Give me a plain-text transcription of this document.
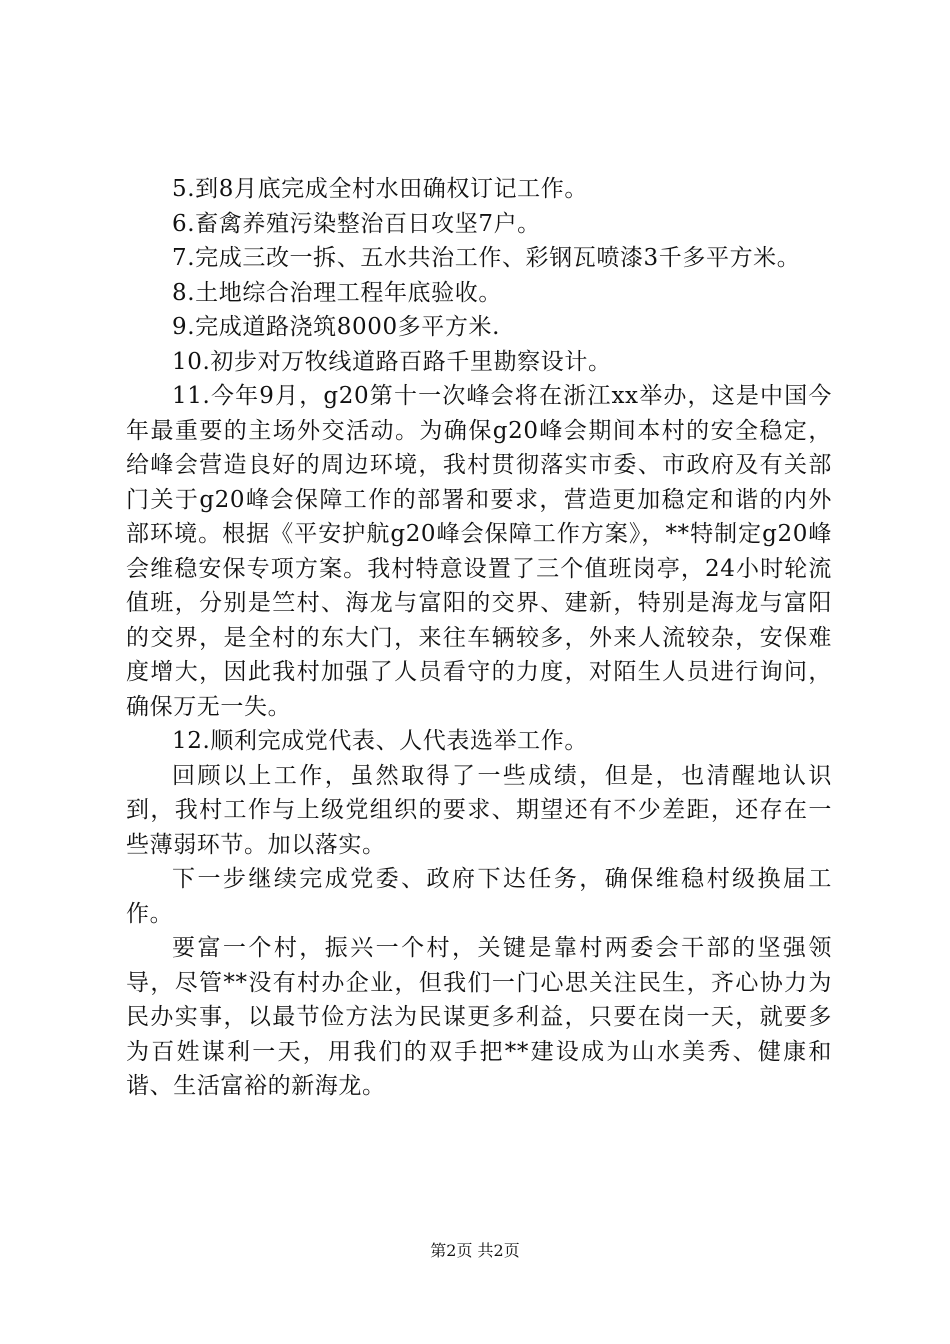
5.到8月底完成全村水田确权订记工作。

6.畜禽养殖污染整治百日攻坚7户。

7.完成三改一拆、五水共治工作、彩钢瓦喷漆3千多平方米。

8.土地综合治理工程年底验收。

9.完成道路浇筑8000多平方米.

10.初步对万牧线道路百路千里勘察设计。

11.今年9月，g20第十一次峰会将在浙江xx举办，这是中国今年最重要的主场外交活动。为确保g20峰会期间本村的安全稳定，给峰会营造良好的周边环境，我村贯彻落实市委、市政府及有关部门关于g20峰会保障工作的部署和要求，营造更加稳定和谐的内外部环境。根据《平安护航g20峰会保障工作方案》，**特制定g20峰会维稳安保专项方案。我村特意设置了三个值班岗亭，24小时轮流值班，分别是竺村、海龙与富阳的交界、建新，特别是海龙与富阳的交界，是全村的东大门，来往车辆较多，外来人流较杂，安保难度增大，因此我村加强了人员看守的力度，对陌生人员进行询问，确保万无一失。

12.顺利完成党代表、人代表选举工作。

回顾以上工作，虽然取得了一些成绩，但是，也清醒地认识到，我村工作与上级党组织的要求、期望还有不少差距，还存在一些薄弱环节。加以落实。

下一步继续完成党委、政府下达任务，确保维稳村级换届工作。

要富一个村，振兴一个村，关键是靠村两委会干部的坚强领导，尽管**没有村办企业，但我们一门心思关注民生，齐心协力为民办实事，以最节俭方法为民谋更多利益，只要在岗一天，就要多为百姓谋利一天，用我们的双手把**建设成为山水美秀、健康和谐、生活富裕的新海龙。

第2页 共2页
